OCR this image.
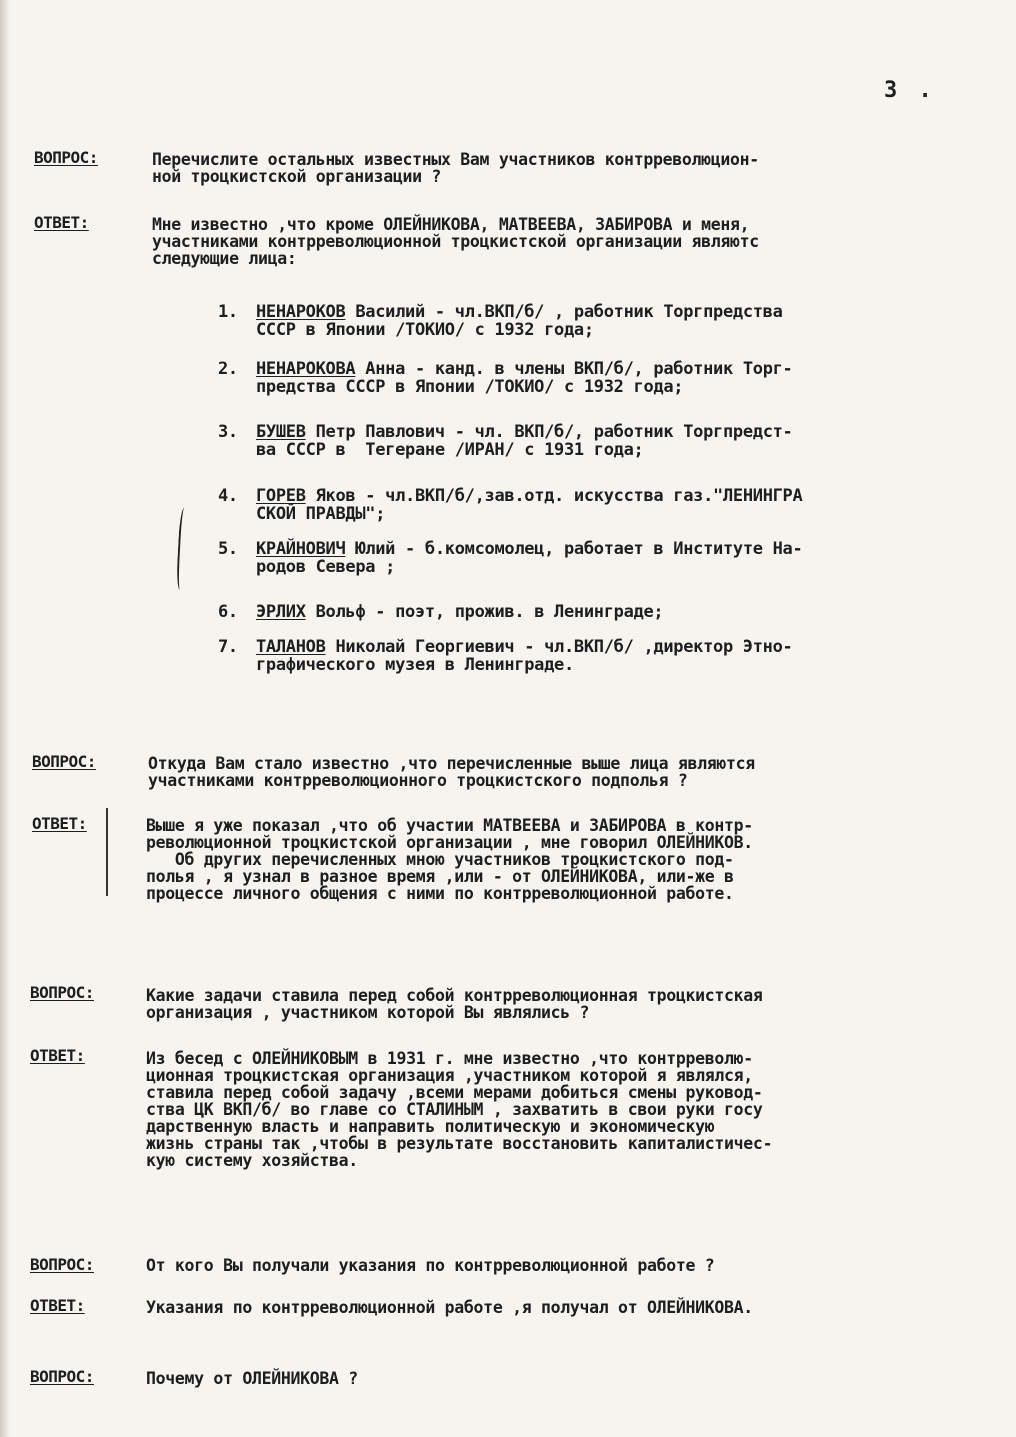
3 .
ВОПРОС:	Перечислите остальных известных Вам участников контрреволюцион-
ной троцкистской организации ?
ОТВЕТ:	Мне известно ,что кроме ОЛЕЙНИКОВА, МАТВЕЕВА, ЗАБИРОВА и меня,
участниками контрреволюционной троцкистской организации являютс
следующие лица:

1.

НЕНАРОКОВ Василий - чл.ВКП/б/ , работник Торгпредства
СССР в Японии /ТОКИО/ с 1932 года;

2.

НЕНАРОКОВА Анна - канд. в члены ВКП/б/, работник Торг-
предства СССР в Японии /ТОКИО/ с 1932 года;

3.

БУШЕВ Петр Павлович - чл. ВКП/б/, работник Торгпредст-
ва СССР в  Тегеране /ИРАН/ с 1931 года;

4.

ГОРЕВ Яков - чл.ВКП/б/,зав.отд. искусства газ."ЛЕНИНГРА
СКОЙ ПРАВДЫ";

5.

КРАЙНОВИЧ Юлий - б.комсомолец, работает в Институте На-
родов Севера ;

6.

ЭРЛИХ Вольф - поэт, прожив. в Ленинграде;

7.

ТАЛАНОВ Николай Георгиевич - чл.ВКП/б/ ,директор Этно-
графического музея в Ленинграде.

ВОПРОС:	Откуда Вам стало известно ,что перечисленные выше лица являются
участниками контрреволюционного троцкистского подполья ?
ОТВЕТ:	Выше я уже показал ,что об участии МАТВЕЕВА и ЗАБИРОВА в контр-
революционной троцкистской организации , мне говорил ОЛЕЙНИКОВ.
Об других перечисленных мною участников троцкистского под-
полья , я узнал в разное время ,или - от ОЛЕЙНИКОВА, или-же в
процессе личного общения с ними по контрреволюционной работе.
ВОПРОС:	Какие задачи ставила перед собой контрреволюционная троцкистская
организация , участником которой Вы являлись ?
ОТВЕТ:	Из бесед с ОЛЕЙНИКОВЫМ в 1931 г. мне известно ,что контрреволю-
ционная троцкистская организация ,участником которой я являлся,
ставила перед собой задачу ,всеми мерами добиться смены руковод-
ства ЦК ВКП/б/ во главе со СТАЛИНЫМ , захватить в свои руки госу
дарственную власть и направить политическую и экономическую
жизнь страны так ,чтобы в результате восстановить капиталистичес-
кую систему хозяйства.
ВОПРОС:	От кого Вы получали указания по контрреволюционной работе ?
ОТВЕТ:	Указания по контрреволюционной работе ,я получал от ОЛЕЙНИКОВА.
ВОПРОС:	Почему от ОЛЕЙНИКОВА ?
